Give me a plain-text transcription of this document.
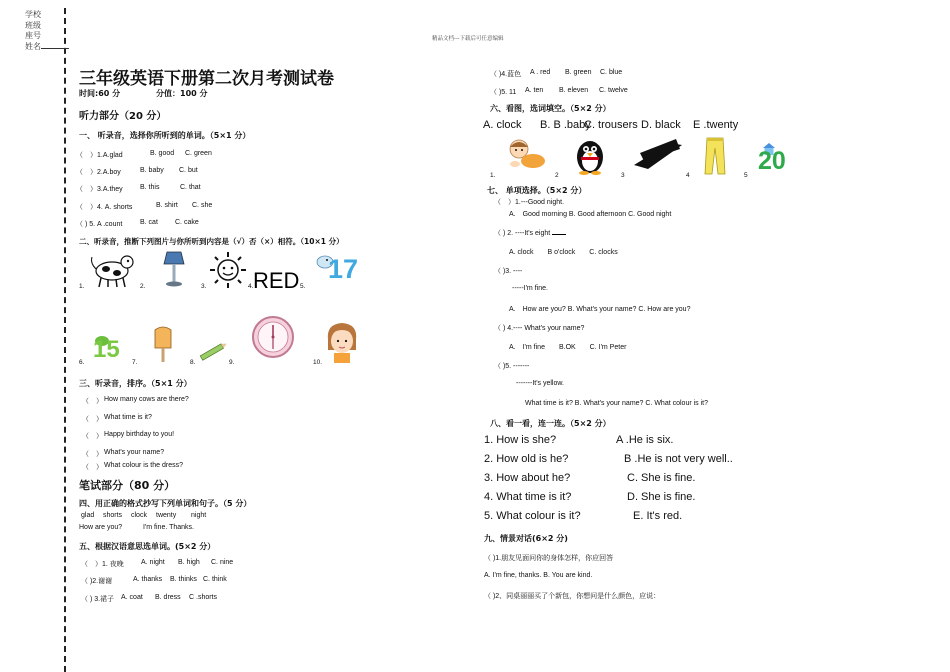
学校
班级
座号
姓名
精品文档---下载后可任意编辑
三年级英语下册第二次月考测试卷
时间:60 分	分值：100 分
听力部分（20 分）
一、 听录音，选择你所听到的单词。（5×1 分）
（　）1.A.glad	B. good C. green
（　）2.A.boy	B. baby C. but
（　）3.A.they B. this	C. that
（　）4. A. shorts	B. shirt C. she
（ ) 5. A .count	B. cat C. cake
二、听录音，推断下列图片与你所听到内容是（√）否（×）相符。（10×1 分）
1.	2.	3.	4. RED 5.
17
6. 15 7.	8.	9.	10.
三、听录音，排序。（5×1 分）
（　） How many cows are there?
（　） What time is it?
（　） Happy birthday to you!
（　） What's your name?
（　） What colour is the dress?
笔试部分（80 分）
四、用正确的格式抄写下列单词和句子。（5 分）
glad shorts clock twenty night
How are you?	I'm fine. Thanks.
五、根据汉语意思选单词。(5×2 分）
（　）1. 夜晚 A. night B. high C. nine
（ )2.谢谢	A. thanks B. thinks C. think
（ ) 3.裙子 A. coat B. dress C .shorts
（ )4.蓝色 A . red B. green C. blue
（ )5. 11 A. ten B. eleven C. twelve
六、看图，选词填空。（5×2 分）
A. clock B. B .baby
C. trousers D. black E .twenty
1.	2	3	4	5
20
七、 单项选择。（5×2 分）
（　）1.---Good night.
A.　Good morning B. Good afternoon C. Good night
（ ) 2. ----It's eight
A. clock　　B o'clock　　C. clocks
（ )3. ----
-----I'm fine.
A.　How are you? B. What's your name? C. How are you?
（ ) 4.---- What's your name?
A.　I'm fine　　B.OK　　C. I'm Peter
（ )5. -------
-------It's yellow.
What time is it? B. What's your name? C. What colour is it?
八、看一看，连一连。（5×2 分）
1. How is she?	A .He is six.
2. How old is he?	B .He is not very well..
3. How about he?	C. She is fine.
4. What time is it?	D. She is fine.
5. What colour is it?	E. It's red.
九、情景对话(6×2 分)
（ )1.朋友见面问你的身体怎样，你应回答
A. I'm fine, thanks. B. You are kind.
（ )2、同桌丽丽买了个新包，你想问是什么颜色，应说：
